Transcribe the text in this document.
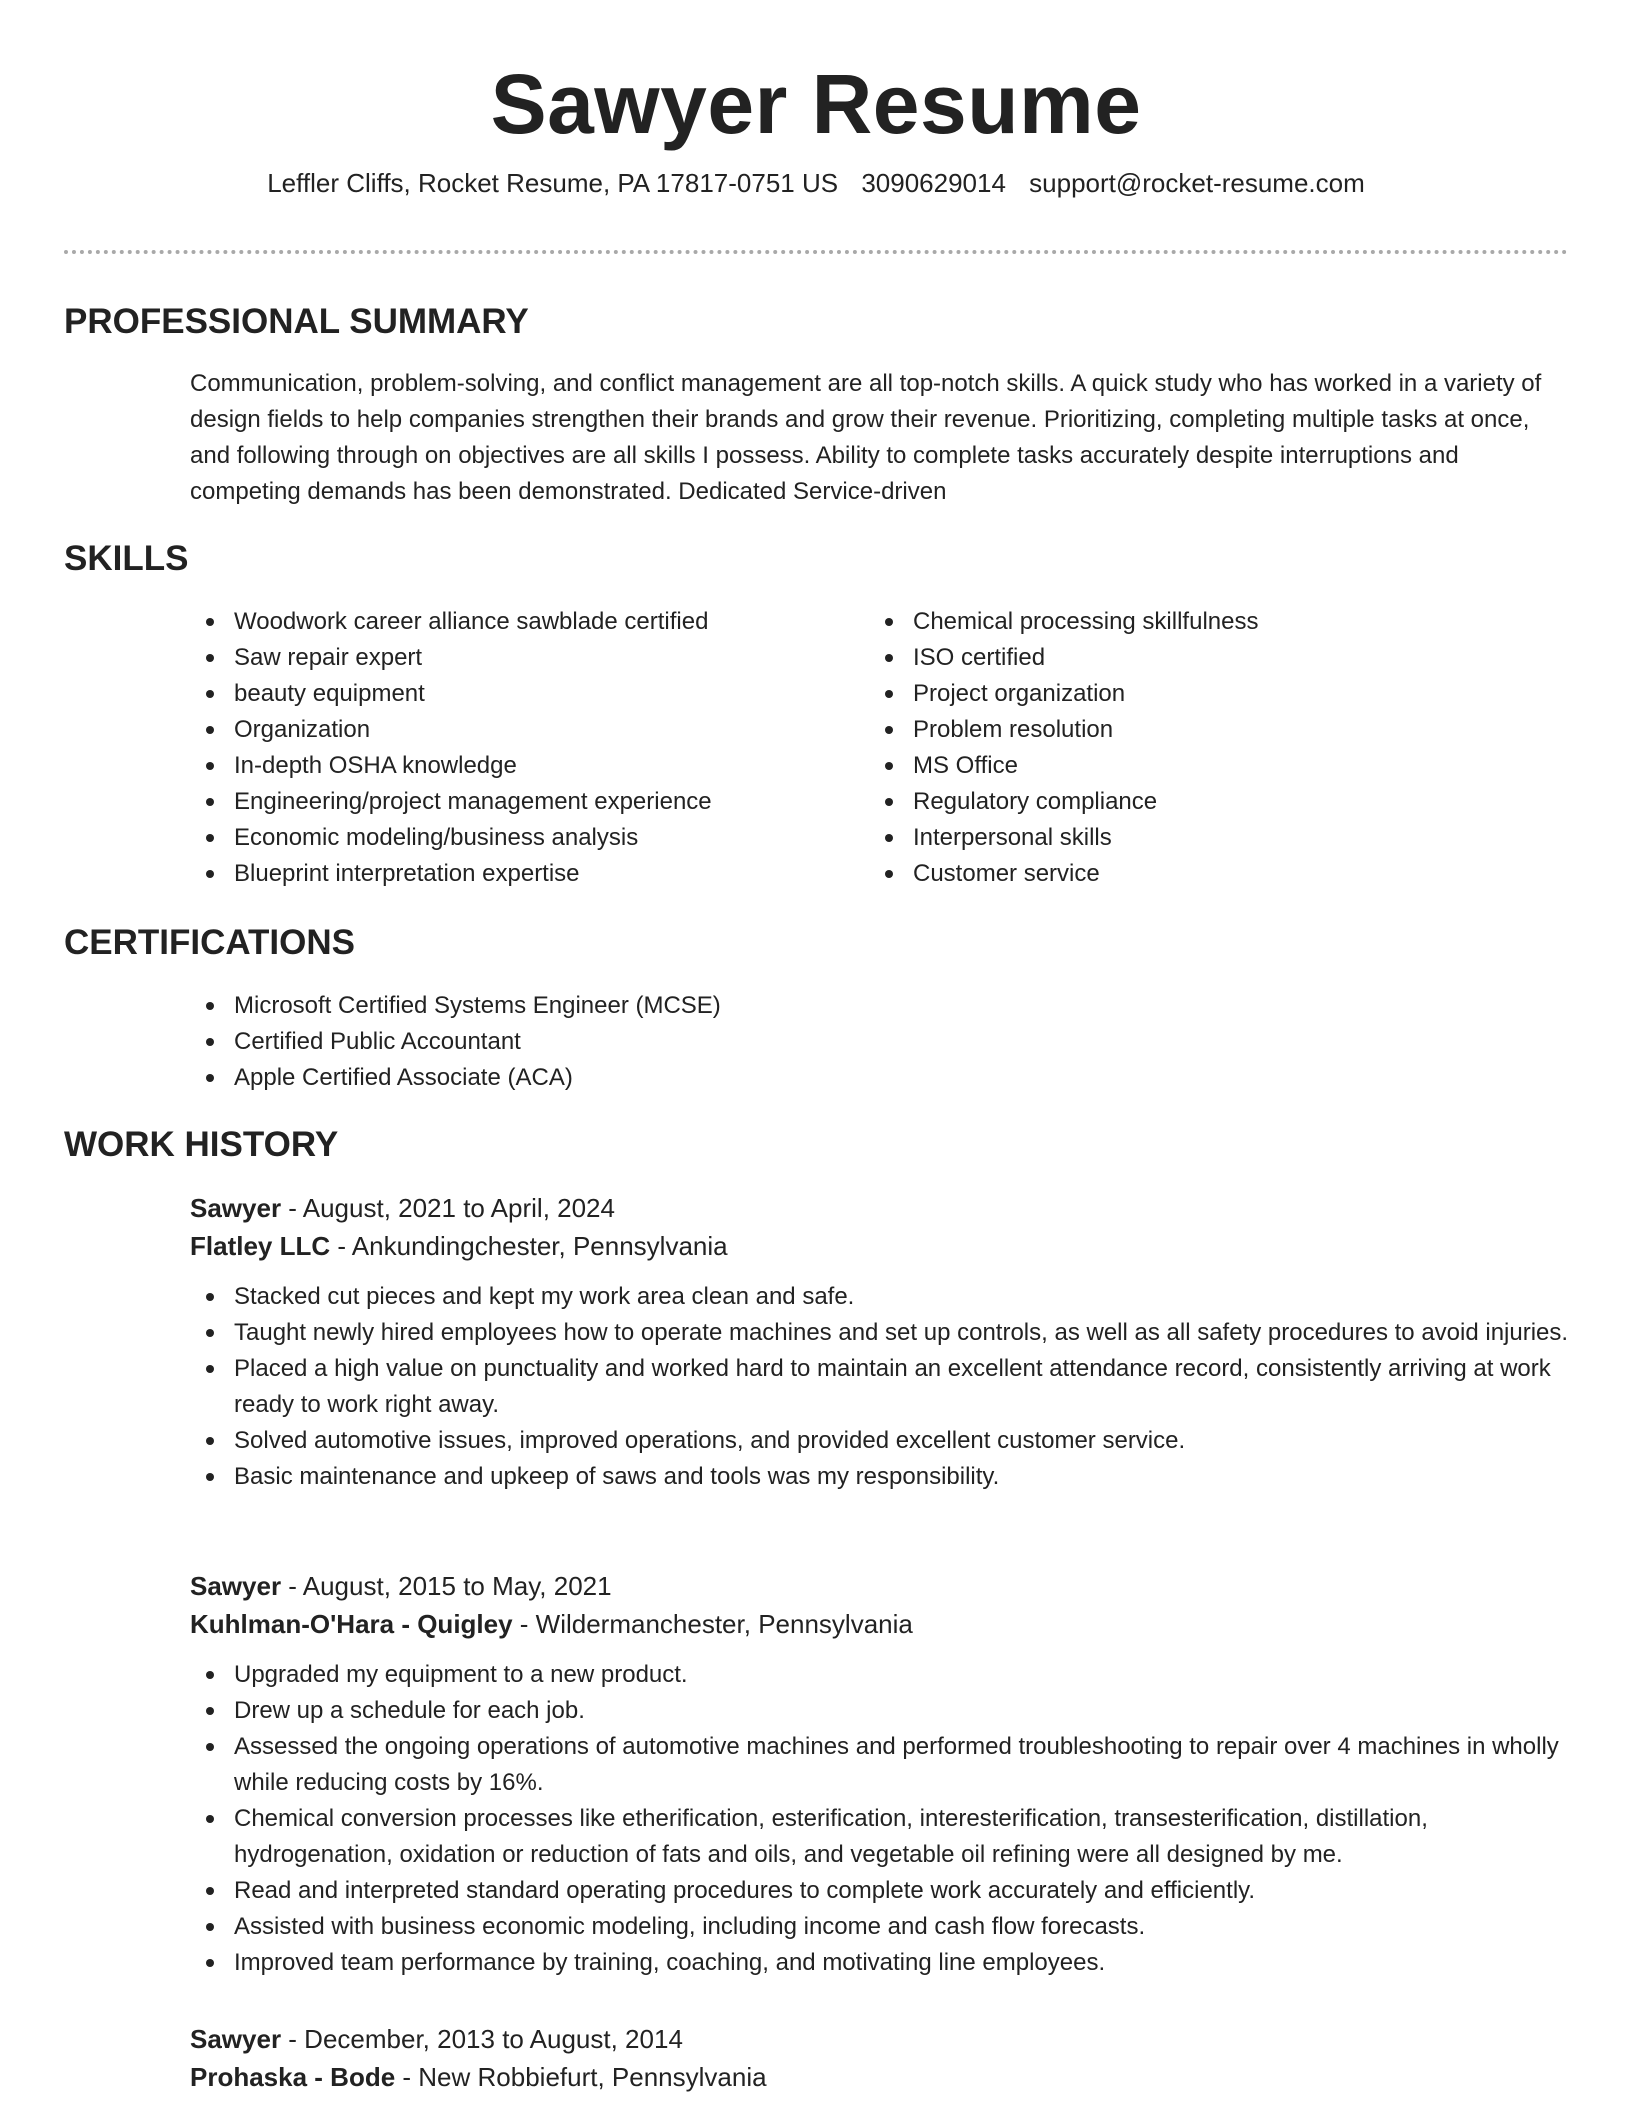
Sawyer Resume

Leffler Cliffs, Rocket Resume, PA 17817-0751 US 3090629014 support@rocket-resume.com

PROFESSIONAL SUMMARY

Communication, problem-solving, and conflict management are all top-notch skills. A quick study who has worked in a variety of design fields to help companies strengthen their brands and grow their revenue. Prioritizing, completing multiple tasks at once, and following through on objectives are all skills I possess. Ability to complete tasks accurately despite interruptions and competing demands has been demonstrated. Dedicated Service-driven

SKILLS
Woodwork career alliance sawblade certified
Saw repair expert
beauty equipment
Organization
In-depth OSHA knowledge
Engineering/project management experience
Economic modeling/business analysis
Blueprint interpretation expertise
Chemical processing skillfulness
ISO certified
Project organization
Problem resolution
MS Office
Regulatory compliance
Interpersonal skills
Customer service
CERTIFICATIONS
Microsoft Certified Systems Engineer (MCSE)
Certified Public Accountant
Apple Certified Associate (ACA)
WORK HISTORY

Sawyer - August, 2021 to April, 2024

Flatley LLC - Ankundingchester, Pennsylvania

Stacked cut pieces and kept my work area clean and safe.
Taught newly hired employees how to operate machines and set up controls, as well as all safety procedures to avoid injuries.
Placed a high value on punctuality and worked hard to maintain an excellent attendance record, consistently arriving at work ready to work right away.
Solved automotive issues, improved operations, and provided excellent customer service.
Basic maintenance and upkeep of saws and tools was my responsibility.

Sawyer - August, 2015 to May, 2021

Kuhlman-O'Hara - Quigley - Wildermanchester, Pennsylvania

Upgraded my equipment to a new product.
Drew up a schedule for each job.
Assessed the ongoing operations of automotive machines and performed troubleshooting to repair over 4 machines in wholly while reducing costs by 16%.
Chemical conversion processes like etherification, esterification, interesterification, transesterification, distillation, hydrogenation, oxidation or reduction of fats and oils, and vegetable oil refining were all designed by me.
Read and interpreted standard operating procedures to complete work accurately and efficiently.
Assisted with business economic modeling, including income and cash flow forecasts.
Improved team performance by training, coaching, and motivating line employees.

Sawyer - December, 2013 to August, 2014

Prohaska - Bode - New Robbiefurt, Pennsylvania
